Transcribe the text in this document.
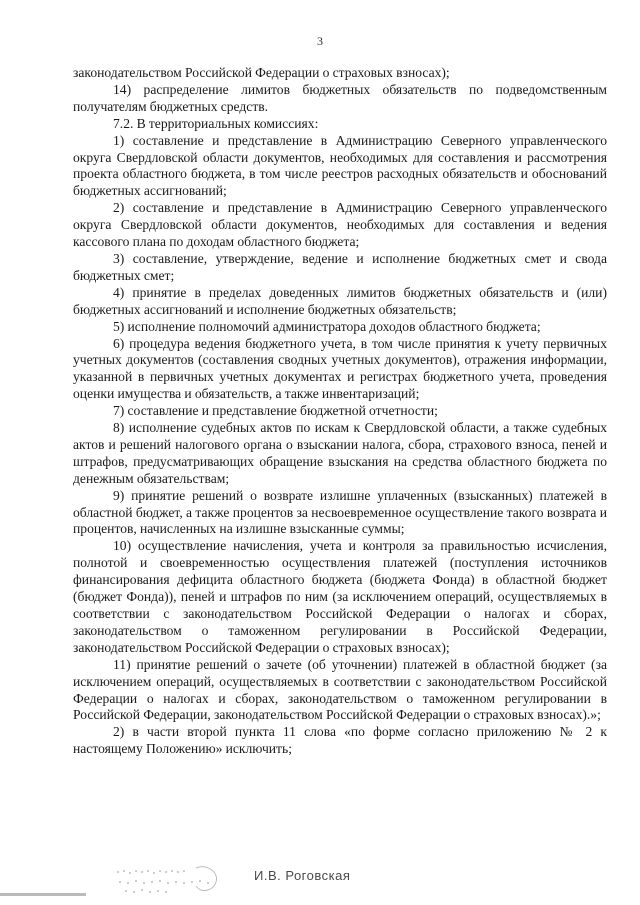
3

законодательством Российской Федерации о страховых взносах);

14) распределение лимитов бюджетных обязательств по подведомственным получателям бюджетных средств.

7.2. В территориальных комиссиях:

1) составление и представление в Администрацию Северного управленческого округа Свердловской области документов, необходимых для составления и рассмотрения проекта областного бюджета, в том числе реестров расходных обязательств и обоснований бюджетных ассигнований;

2) составление и представление в Администрацию Северного управленческого округа Свердловской области документов, необходимых для составления и ведения кассового плана по доходам областного бюджета;

3) составление, утверждение, ведение и исполнение бюджетных смет и свода бюджетных смет;

4) принятие в пределах доведенных лимитов бюджетных обязательств и (или) бюджетных ассигнований и исполнение бюджетных обязательств;

5) исполнение полномочий администратора доходов областного бюджета;

6) процедура ведения бюджетного учета, в том числе принятия к учету первичных учетных документов (составления сводных учетных документов), отражения информации, указанной в первичных учетных документах и регистрах бюджетного учета, проведения оценки имущества и обязательств, а также инвентаризаций;

7) составление и представление бюджетной отчетности;

8) исполнение судебных актов по искам к Свердловской области, а также судебных актов и решений налогового органа о взыскании налога, сбора, страхового взноса, пеней и штрафов, предусматривающих обращение взыскания на средства областного бюджета по денежным обязательствам;

9) принятие решений о возврате излишне уплаченных (взысканных) платежей в областной бюджет, а также процентов за несвоевременное осуществление такого возврата и процентов, начисленных на излишне взысканные суммы;

10) осуществление начисления, учета и контроля за правильностью исчисления, полнотой и своевременностью осуществления платежей (поступления источников финансирования дефицита областного бюджета (бюджета Фонда) в областной бюджет (бюджет Фонда)), пеней и штрафов по ним (за исключением операций, осуществляемых в соответствии с законодательством Российской Федерации о налогах и сборах, законодательством о таможенном регулировании в Российской Федерации, законодательством Российской Федерации о страховых взносах);

11) принятие решений о зачете (об уточнении) платежей в областной бюджет (за исключением операций, осуществляемых в соответствии с законодательством Российской Федерации о налогах и сборах, законодательством о таможенном регулировании в Российской Федерации, законодательством Российской Федерации о страховых взносах).»;

2) в части второй пункта 11 слова «по форме согласно приложению № 2 к настоящему Положению» исключить;

И.В. Роговская
